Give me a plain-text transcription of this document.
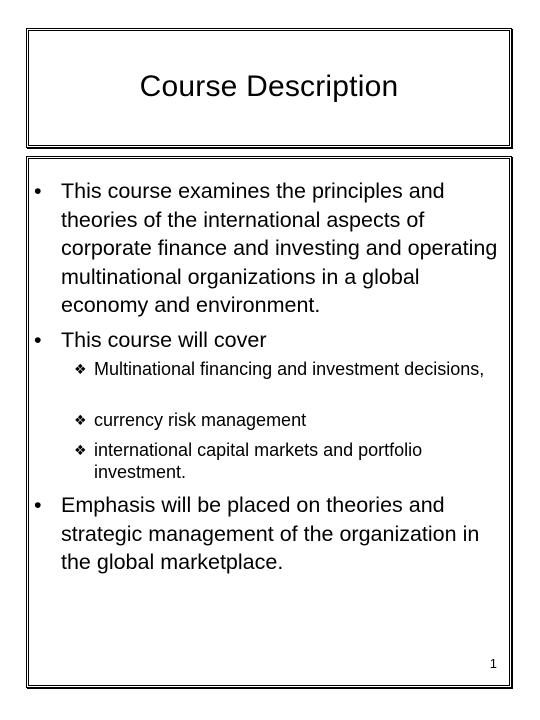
Course Description
• This course examines the principles and theories of the international aspects of corporate finance and investing and operating multinational organizations in a global economy and environment.
• This course will cover
❖ Multinational financing and investment decisions,
❖ currency risk management
❖ international capital markets and portfolio investment.
• Emphasis will be placed on theories and strategic management of the organization in the global marketplace.
1
